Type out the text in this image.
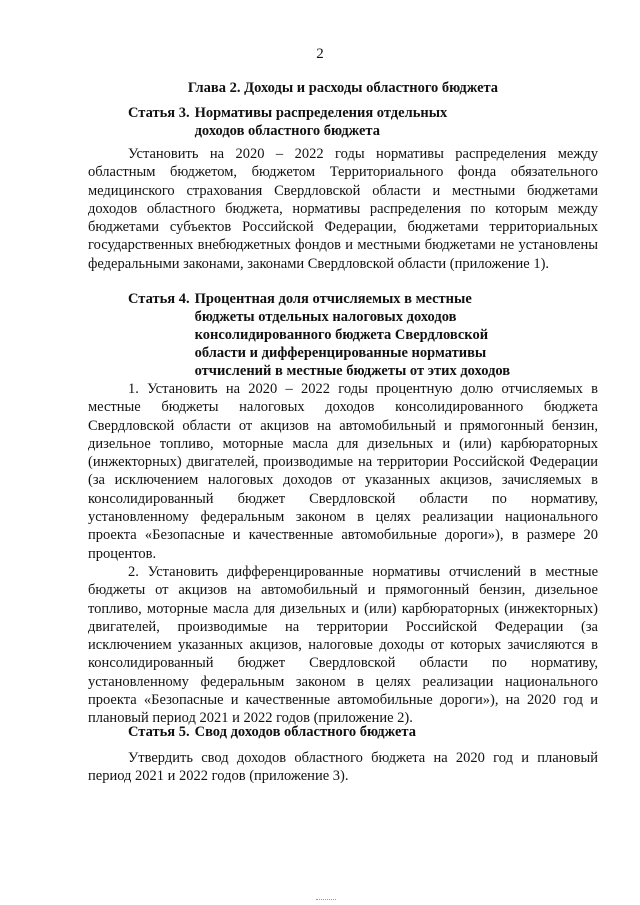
2
Глава 2. Доходы и расходы областного бюджета
Статья 3. Нормативы распределения отдельных
доходов областного бюджета

Установить на 2020 – 2022 годы нормативы распределения между областным бюджетом, бюджетом Территориального фонда обязательного медицинского страхования Свердловской области и местными бюджетами доходов областного бюджета, нормативы распределения по которым между бюджетами субъектов Российской Федерации, бюджетами территориальных государственных внебюджетных фондов и местными бюджетами не установлены федеральными законами, законами Свердловской области (приложение 1).

Статья 4. Процентная доля отчисляемых в местные
бюджеты отдельных налоговых доходов
консолидированного бюджета Свердловской
области и дифференцированные нормативы
отчислений в местные бюджеты от этих доходов

1. Установить на 2020 – 2022 годы процентную долю отчисляемых в местные бюджеты налоговых доходов консолидированного бюджета Свердловской области от акцизов на автомобильный и прямогонный бензин, дизельное топливо, моторные масла для дизельных и (или) карбюраторных (инжекторных) двигателей, производимые на территории Российской Федерации (за исключением налоговых доходов от указанных акцизов, зачисляемых в консолидированный бюджет Свердловской области по нормативу, установленному федеральным законом в целях реализации национального проекта «Безопасные и качественные автомобильные дороги»), в размере 20 процентов.

2. Установить дифференцированные нормативы отчислений в местные бюджеты от акцизов на автомобильный и прямогонный бензин, дизельное топливо, моторные масла для дизельных и (или) карбюраторных (инжекторных) двигателей, производимые на территории Российской Федерации (за исключением указанных акцизов, налоговые доходы от которых зачисляются в консолидированный бюджет Свердловской области по нормативу, установленному федеральным законом в целях реализации национального проекта «Безопасные и качественные автомобильные дороги»), на 2020 год и плановый период 2021 и 2022 годов (приложение 2).

Статья 5. Свод доходов областного бюджета

Утвердить свод доходов областного бюджета на 2020 год и плановый период 2021 и 2022 годов (приложение 3).
